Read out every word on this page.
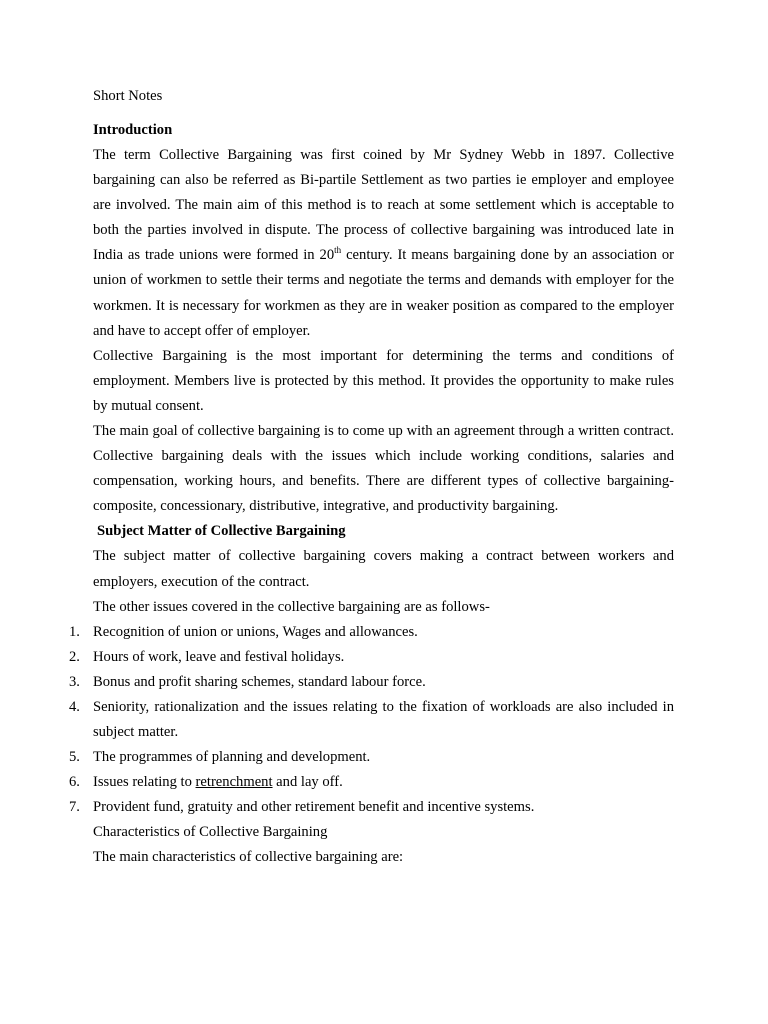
Short Notes
Introduction

The term Collective Bargaining was first coined by Mr Sydney Webb in 1897. Collective bargaining can also be referred as Bi-partile Settlement as two parties ie employer and employee are involved. The main aim of this method is to reach at some settlement which is acceptable to both the parties involved in dispute. The process of collective bargaining was introduced late in India as trade unions were formed in 20th century. It means bargaining done by an association or union of workmen to settle their terms and negotiate the terms and demands with employer for the workmen. It is necessary for workmen as they are in weaker position as compared to the employer and have to accept offer of employer.

Collective Bargaining is the most important for determining the terms and conditions of employment. Members live is protected by this method. It provides the opportunity to make rules by mutual consent.

The main goal of collective bargaining is to come up with an agreement through a written contract. Collective bargaining deals with the issues which include working conditions, salaries and compensation, working hours, and benefits. There are different types of collective bargaining- composite, concessionary, distributive, integrative, and productivity bargaining.

Subject Matter of Collective Bargaining

The subject matter of collective bargaining covers making a contract between workers and employers, execution of the contract.

The other issues covered in the collective bargaining are as follows-

1. Recognition of union or unions, Wages and allowances.
2. Hours of work, leave and festival holidays.
3. Bonus and profit sharing schemes, standard labour force.
4. Seniority, rationalization and the issues relating to the fixation of workloads are also included in subject matter.
5. The programmes of planning and development.
6. Issues relating to retrenchment and lay off.
7. Provident fund, gratuity and other retirement benefit and incentive systems.
Characteristics of Collective Bargaining
The main characteristics of collective bargaining are:
